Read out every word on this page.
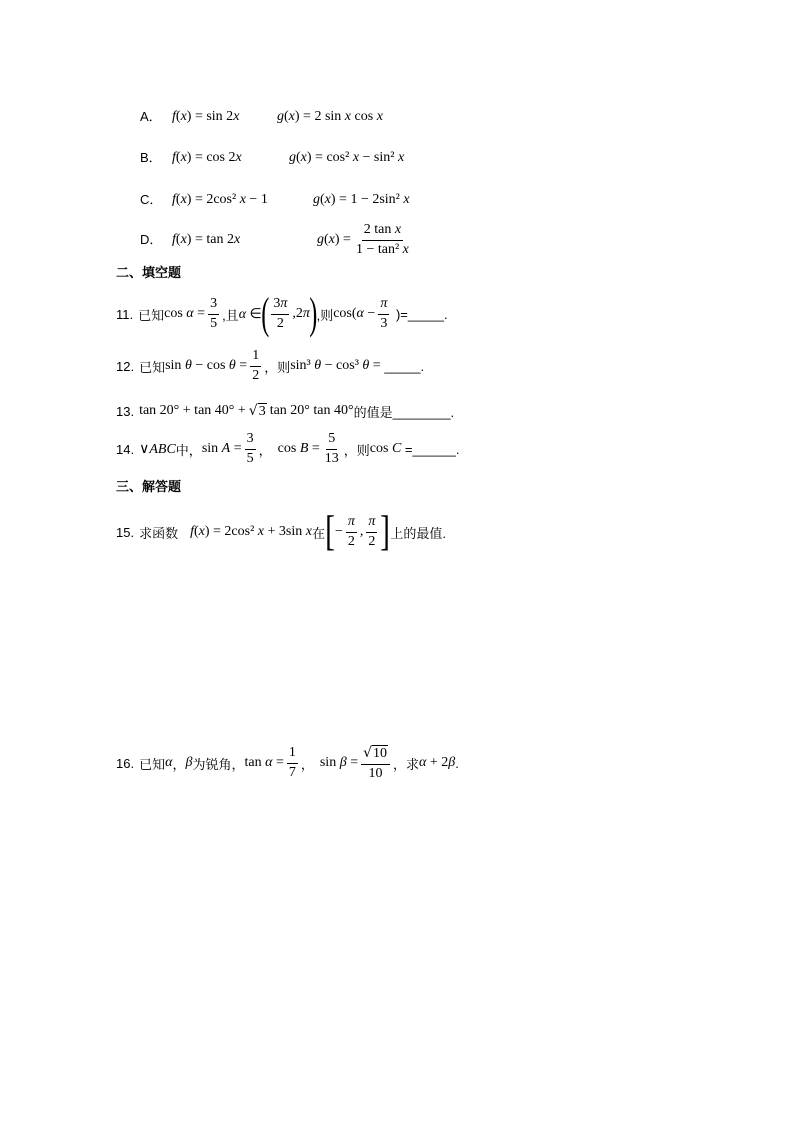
A． f(x) = sin 2x	g(x) = 2 sin x cos x
B． f(x) = cos 2x	g(x) = cos² x − sin² x
C． f(x) = 2cos² x − 1	g(x) = 1 − 2sin² x
D． f(x) = tan 2x	$g(x) = \frac{\text{2 tan x}}{\text{1 − tan² x}}$
二、填空题
11. 已知 $\cos \alpha = \frac{3}{5}$ ,且 α ∈ ( $\frac{3\pi}{2} ,2\pi$ ) ,则 $\cos(\alpha - \frac{\pi}{3}$ )=_____.
12. 已知 $\sin \theta - \cos \theta = \frac{1}{2}$ ，则 sin³ θ − cos³ θ = _____.
13. tan 20° + tan 40° + √ 3 tan 20° tan 40° 的值是________.
14. ∨ABC 中， $\sin A = \frac{3}{5}$ ， $\cos B = \frac{5}{13}$ ，则 cos C =______.
三、解答题
15. 求函数 f(x) = 2cos² x + 3sin x 在 [ − $\frac{\pi}{2}$ , $\frac{\pi}{2}$ ] 上的最值.
16. 已知 α ， β 为锐角， $\tan \alpha = \frac{1}{7}$ ， $\sin \beta = \frac{√ 10}{10}$ ，求 α + 2β .
